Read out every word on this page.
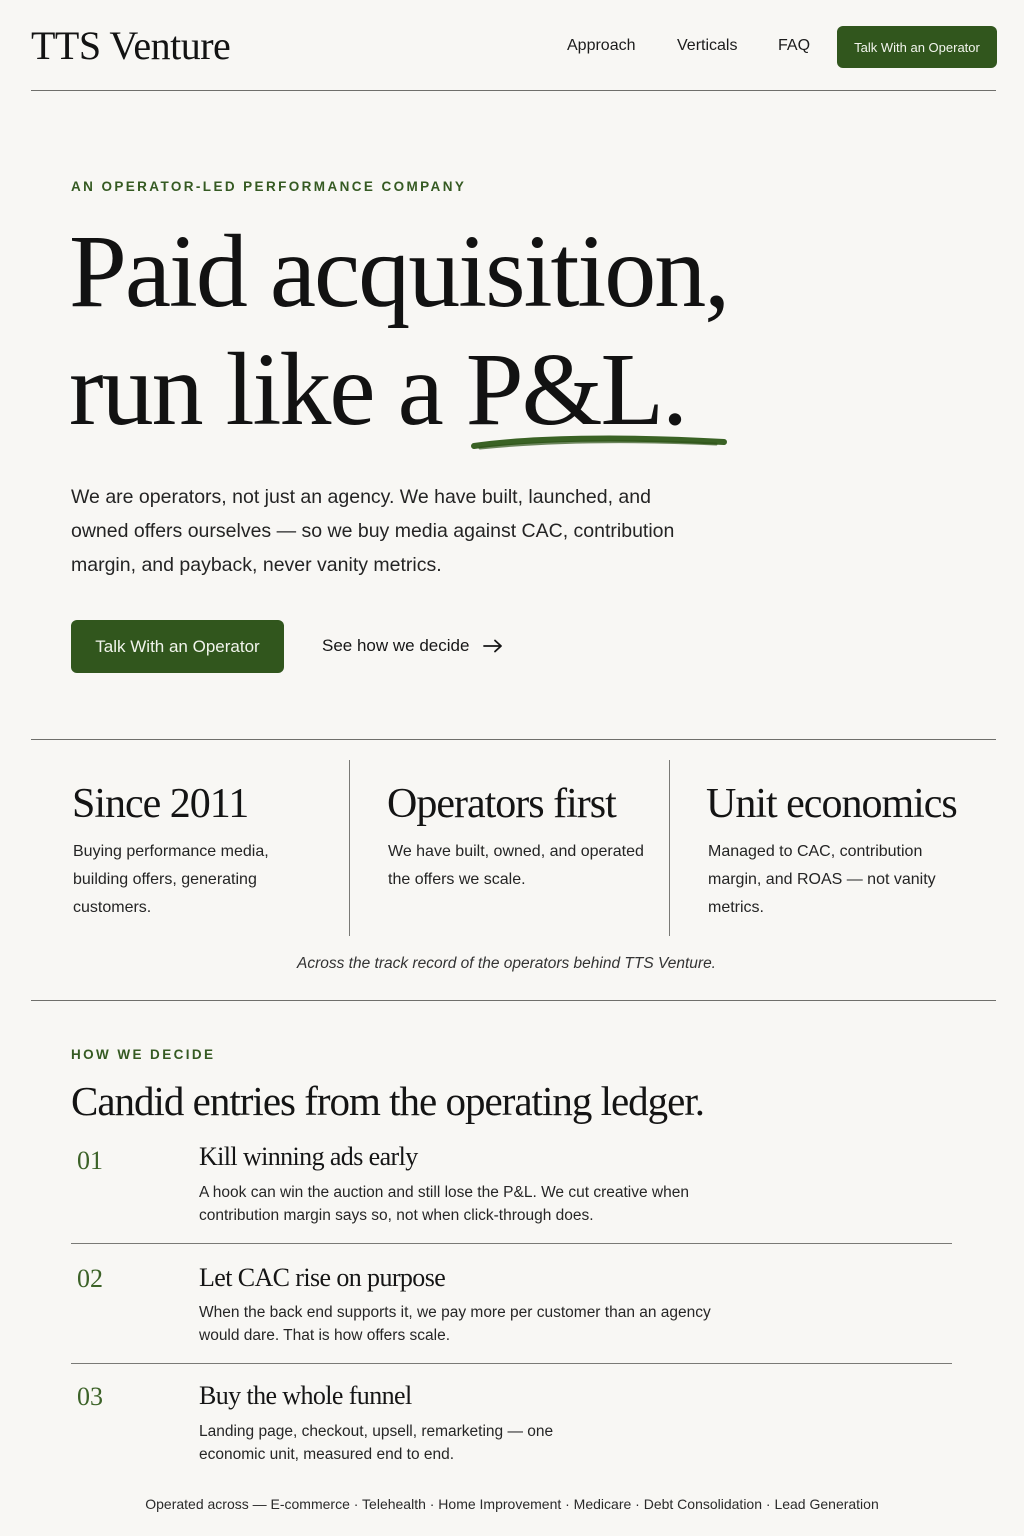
TTS Venture	Approach	Verticals	FAQ	Talk With an Operator
AN OPERATOR-LED PERFORMANCE COMPANY
Paid acquisition,
run like a P&L.

We are operators, not just an agency. We have built, launched, and owned offers ourselves — so we buy media against CAC, contribution margin, and payback, never vanity metrics.

Talk With an Operator	See how we decide
Since 2011

Buying performance media, building offers, generating customers.

Operators first

We have built, owned, and operated the offers we scale.

Unit economics

Managed to CAC, contribution margin, and ROAS — not vanity metrics.

Across the track record of the operators behind TTS Venture.

HOW WE DECIDE
Candid entries from the operating ledger.
01	Kill winning ads early

A hook can win the auction and still lose the P&L. We cut creative when contribution margin says so, not when click-through does.

02	Let CAC rise on purpose

When the back end supports it, we pay more per customer than an agency would dare. That is how offers scale.

03	Buy the whole funnel

Landing page, checkout, upsell, remarketing — one economic unit, measured end to end.

Operated across — E-commerce · Telehealth · Home Improvement · Medicare · Debt Consolidation · Lead Generation
